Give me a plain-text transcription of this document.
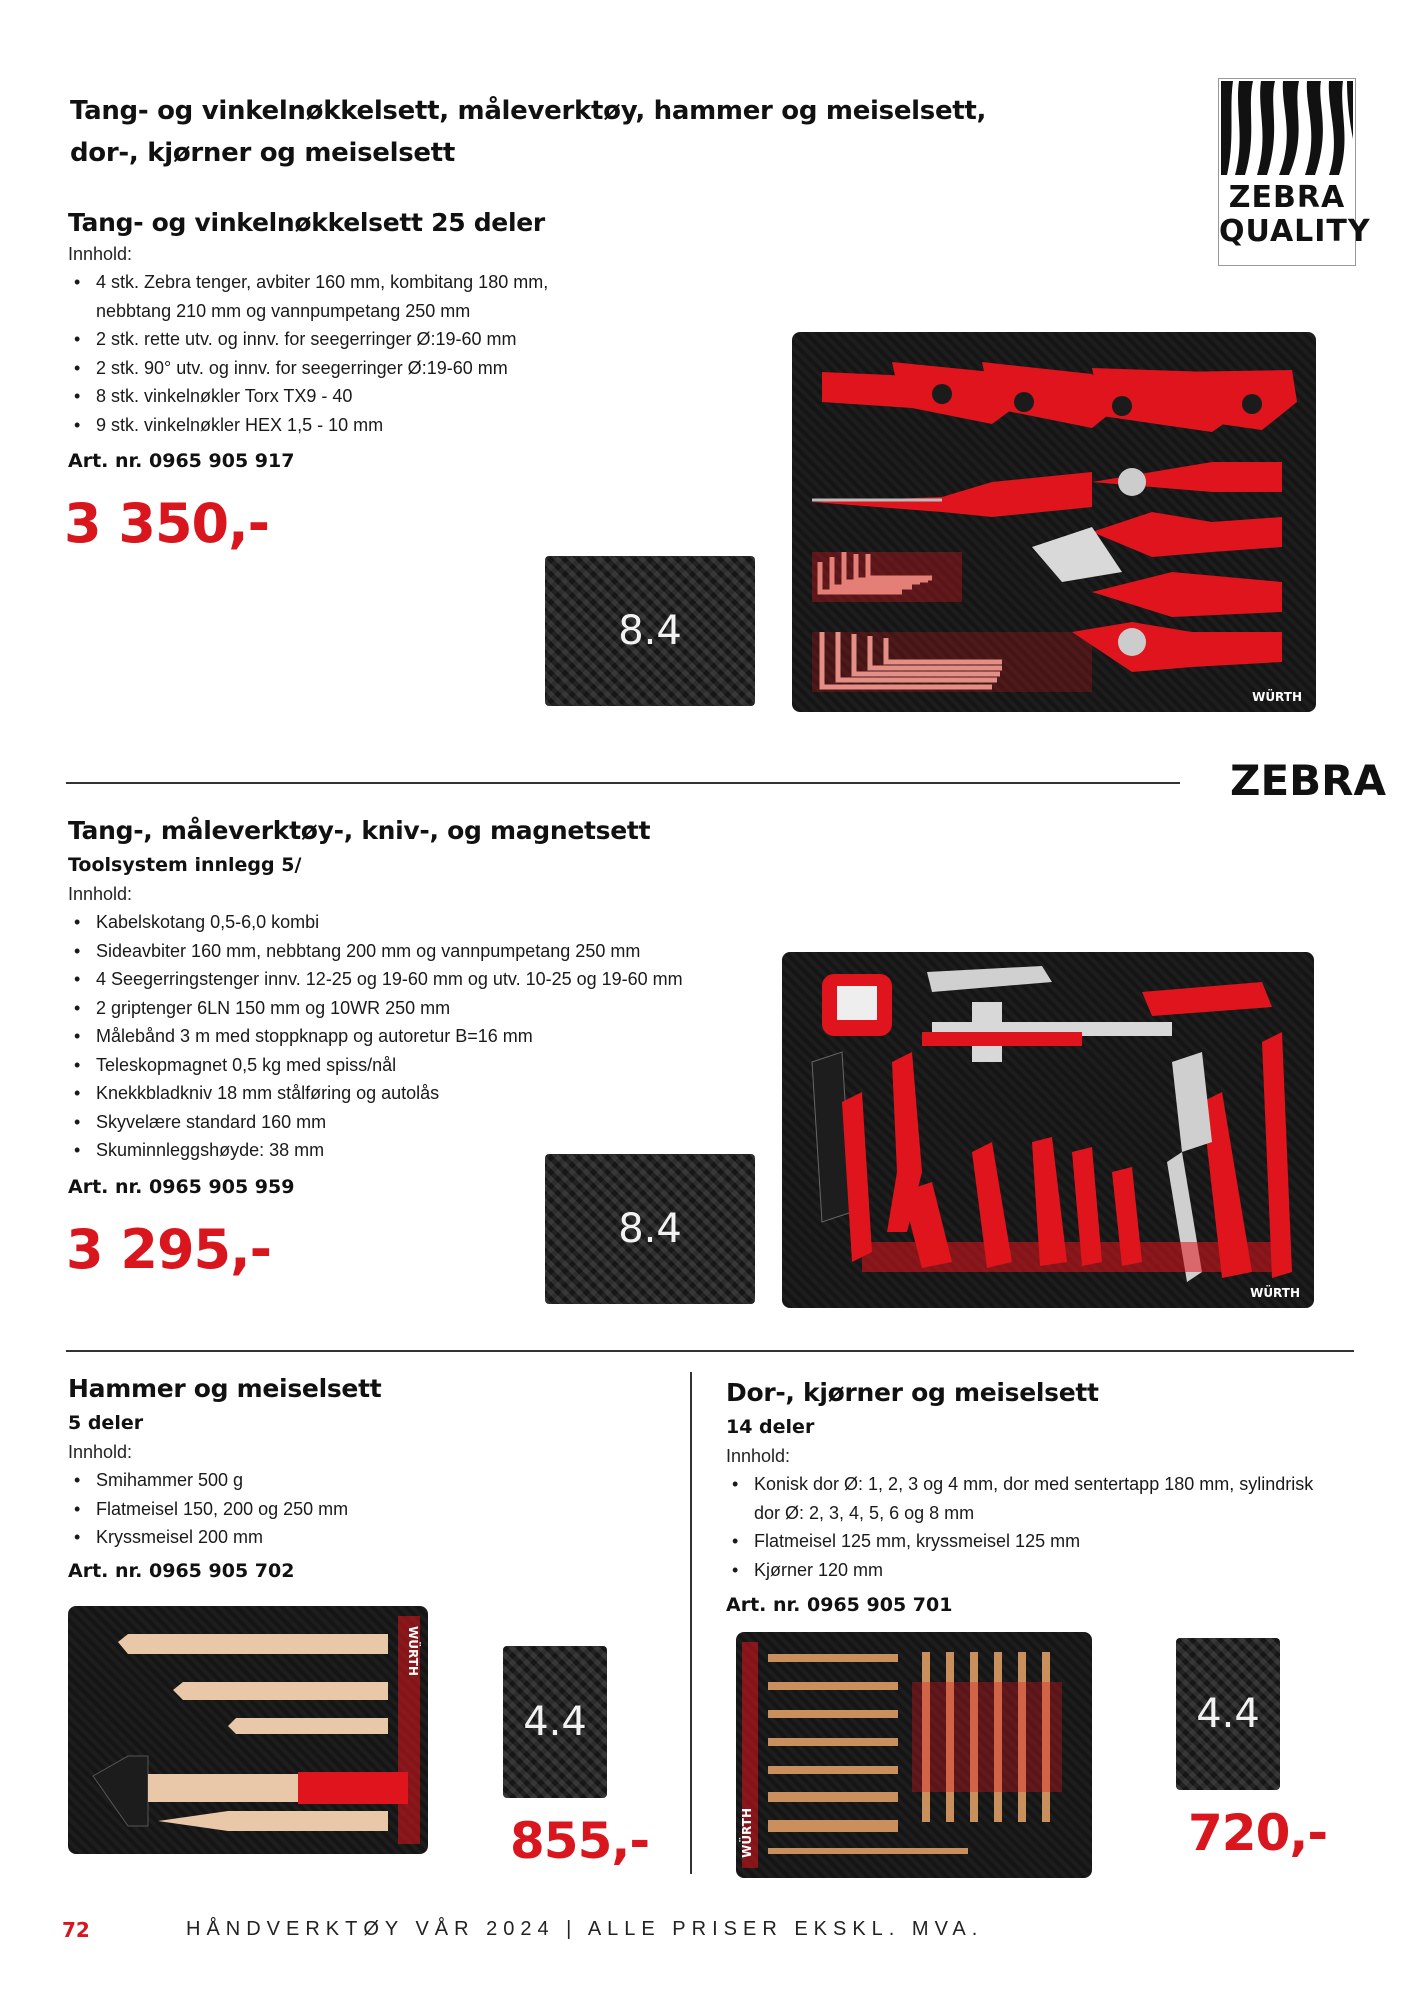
Tang- og vinkelnøkkelsett, måleverktøy, hammer og meiselsett,
dor-, kjørner og meiselsett
ZEBRA
QUALITY
Tang- og vinkelnøkkelsett 25 deler
Innhold:
• 4 stk. Zebra tenger, avbiter 160 mm, kombitang 180 mm,
nebbtang 210 mm og vannpumpetang 250 mm
• 2 stk. rette utv. og innv. for seegerringer Ø:19-60 mm
• 2 stk. 90° utv. og innv. for seegerringer Ø:19-60 mm
• 8 stk. vinkelnøkler Torx TX9 - 40
• 9 stk. vinkelnøkler HEX 1,5 - 10 mm
Art. nr. 0965 905 917
3 350,-
8.4
WÜRTH
ZEBRA
Tang-, måleverktøy-, kniv-, og magnetsett
Toolsystem innlegg 5/
Innhold:
• Kabelskotang 0,5-6,0 kombi
• Sideavbiter 160 mm, nebbtang 200 mm og vannpumpetang 250 mm
• 4 Seegerringstenger innv. 12-25 og 19-60 mm og utv. 10-25 og 19-60 mm
• 2 griptenger 6LN 150 mm og 10WR 250 mm
• Målebånd 3 m med stoppknapp og autoretur B=16 mm
• Teleskopmagnet 0,5 kg med spiss/nål
• Knekkbladkniv 18 mm stålføring og autolås
• Skyvelære standard 160 mm
• Skuminnleggshøyde: 38 mm
Art. nr. 0965 905 959
3 295,-	8.4
WÜRTH
Hammer og meiselsett
5 deler
Innhold:
• Smihammer 500 g
• Flatmeisel 150, 200 og 250 mm
• Kryssmeisel 200 mm
Art. nr. 0965 905 702
WÜRTH
4.4
855,-
Dor-, kjørner og meiselsett
14 deler
Innhold:
• Konisk dor Ø: 1, 2, 3 og 4 mm, dor med sentertapp 180 mm, sylindrisk
dor Ø: 2, 3, 4, 5, 6 og 8 mm
• Flatmeisel 125 mm, kryssmeisel 125 mm
• Kjørner 120 mm
Art. nr. 0965 905 701
WÜRTH
4.4
720,-
72	HÅNDVERKTØY VÅR 2024 | ALLE PRISER EKSKL. MVA.
